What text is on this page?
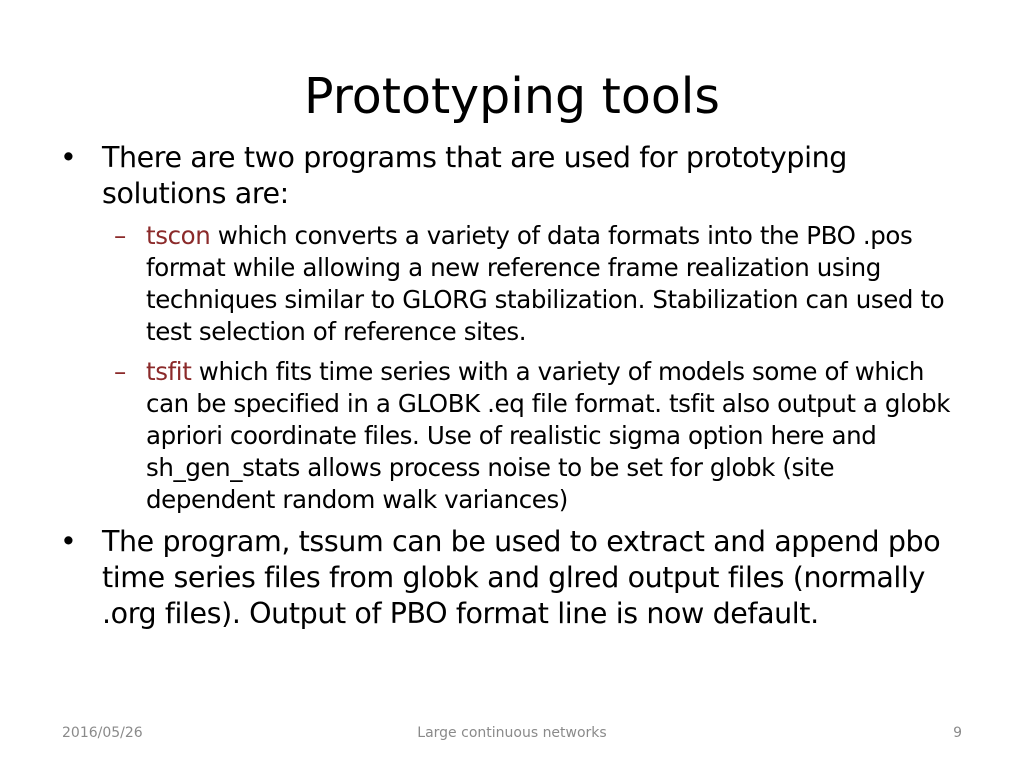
Prototyping tools
• There are two programs that are used for prototyping solutions are:
– tscon which converts a variety of data formats into the PBO .pos format while allowing a new reference frame realization using techniques similar to GLORG stabilization. Stabilization can used to test selection of reference sites.
– tsfit which fits time series with a variety of models some of which can be specified in a GLOBK .eq file format. tsfit also output a globk apriori coordinate files. Use of realistic sigma option here and sh_gen_stats allows process noise to be set for globk (site dependent random walk variances)
• The program, tssum can be used to extract and append pbo time series files from globk and glred output files (normally .org files). Output of PBO format line is now default.
2016/05/26	Large continuous networks	9
